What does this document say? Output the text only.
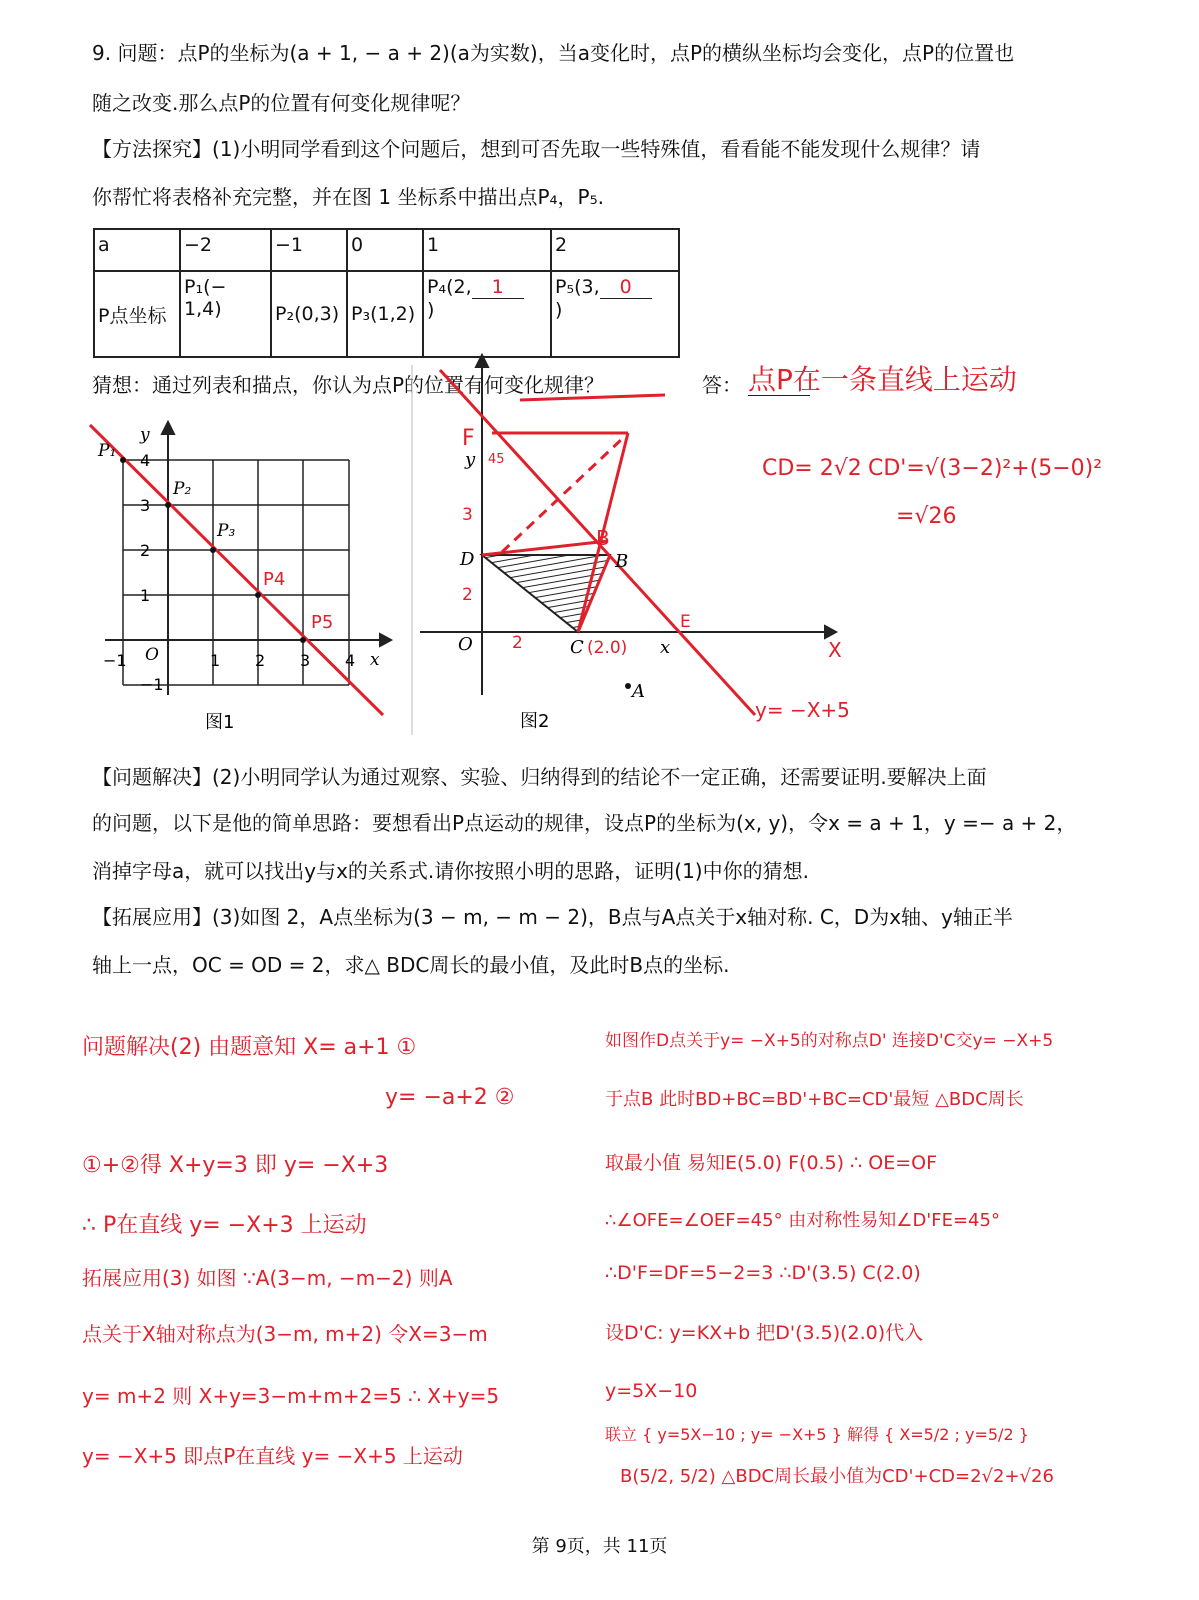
9. 问题：点P的坐标为(a + 1, − a + 2)(a为实数)，当a变化时，点P的横纵坐标均会变化，点P的位置也
随之改变.那么点P的位置有何变化规律呢？
【方法探究】(1)小明同学看到这个问题后，想到可否先取一些特殊值，看看能不能发现什么规律？请
你帮忙将表格补充完整，并在图 1 坐标系中描出点P₄，P₅.
a	−2	−1	0	1	2
P点坐标	P₁(− 1,4)	P₂(0,3)	P₃(1,2)	P₄(2, 1
)	P₅(3, 0
)
猜想：通过列表和描点，你认为点P的位置有何变化规律？	答： 点P在一条直线上运动
y
x
O
P₁
P₂
P₃
4
3
2
1
−1
−1	1 2 3 4
图1
P4
P5
y
x
O
D	B
C
A
图2
(2.0)
E
F
45
3
2
2
B
y= −X+5
X
CD= 2√2 CD'=√(3−2)²+(5−0)²
=√26
【问题解决】(2)小明同学认为通过观察、实验、归纳得到的结论不一定正确，还需要证明.要解决上面
的问题，以下是他的简单思路：要想看出P点运动的规律，设点P的坐标为(x, y)，令x = a + 1，y =− a + 2，
消掉字母a，就可以找出y与x的关系式.请你按照小明的思路，证明(1)中你的猜想.
【拓展应用】(3)如图 2，A点坐标为(3 − m, − m − 2)，B点与A点关于x轴对称. C，D为x轴、y轴正半
轴上一点，OC = OD = 2，求△ BDC周长的最小值，及此时B点的坐标.
问题解决(2) 由题意知 X= a+1 ①
y= −a+2 ②
①+②得 X+y=3 即 y= −X+3
∴ P在直线 y= −X+3 上运动
拓展应用(3) 如图 ∵A(3−m, −m−2) 则A
点关于X轴对称点为(3−m, m+2) 令X=3−m
y= m+2 则 X+y=3−m+m+2=5 ∴ X+y=5
y= −X+5 即点P在直线 y= −X+5 上运动
如图作D点关于y= −X+5的对称点D' 连接D'C交y= −X+5
于点B 此时BD+BC=BD'+BC=CD'最短 △BDC周长
取最小值 易知E(5.0) F(0.5) ∴ OE=OF
∴∠OFE=∠OEF=45° 由对称性易知∠D'FE=45°
∴D'F=DF=5−2=3 ∴D'(3.5) C(2.0)
设D'C: y=KX+b 把D'(3.5)(2.0)代入
y=5X−10
联立 { y=5X−10 ; y= −X+5 } 解得 { X=5/2 ; y=5/2 }
B(5/2, 5/2) △BDC周长最小值为CD'+CD=2√2+√26
第 9页，共 11页
